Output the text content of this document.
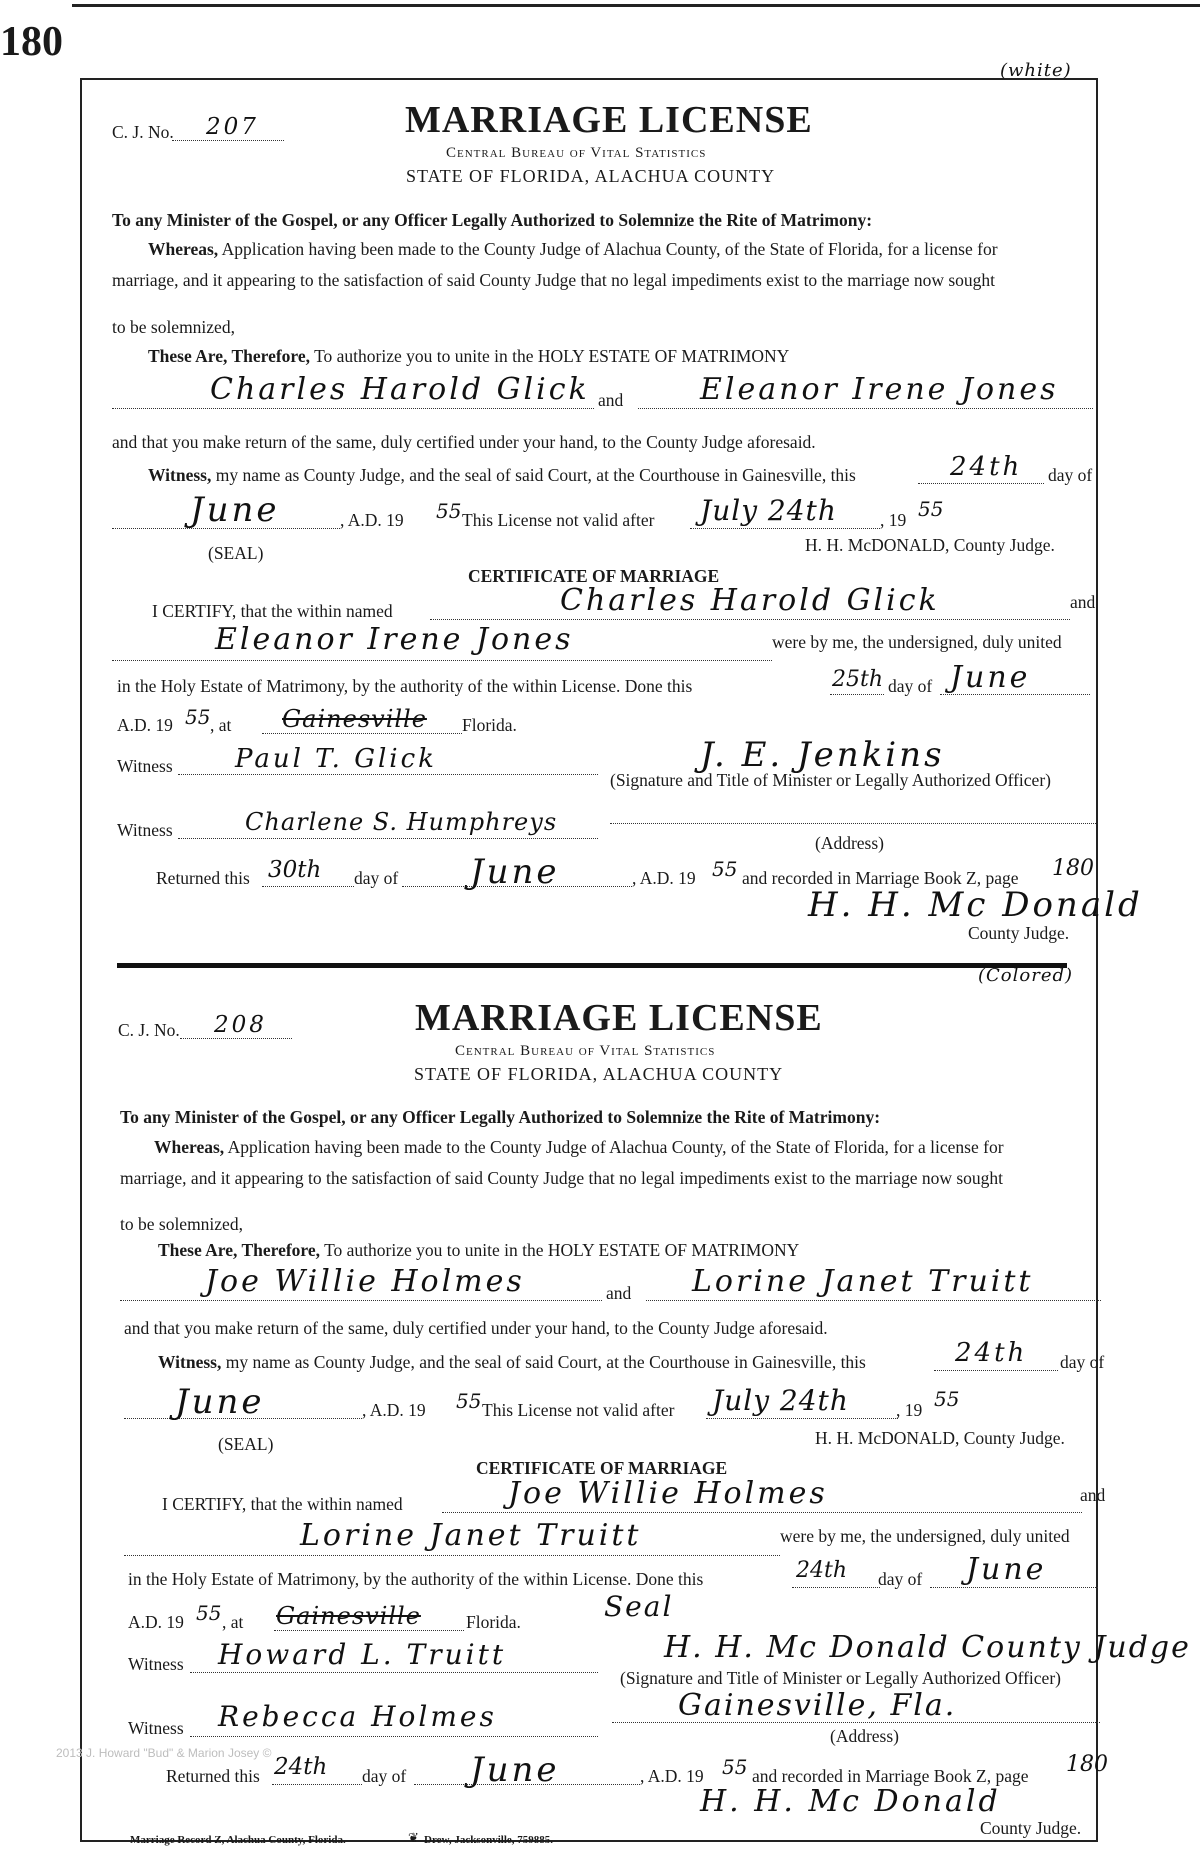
180
(white)
C. J. No. 207	MARRIAGE LICENSE
Central Bureau of Vital Statistics
STATE OF FLORIDA, ALACHUA COUNTY
To any Minister of the Gospel, or any Officer Legally Authorized to Solemnize the Rite of Matrimony:
Whereas, Application having been made to the County Judge of Alachua County, of the State of Florida, for a license for
marriage, and it appearing to the satisfaction of said County Judge that no legal impediments exist to the marriage now sought
to be solemnized,
These Are, Therefore, To authorize you to unite in the HOLY ESTATE OF MATRIMONY
Charles Harold Glick and	Eleanor Irene Jones
and that you make return of the same, duly certified under your hand, to the County Judge aforesaid.
Witness, my name as County Judge, and the seal of said Court, at the Courthouse in Gainesville, this	24th day of
June	, A.D. 19 55 This License not valid after July 24th , 19 55
(SEAL)	H. H. McDONALD, County Judge.
CERTIFICATE OF MARRIAGE
I CERTIFY, that the within named	Charles Harold Glick	and
Eleanor Irene Jones	were by me, the undersigned, duly united
in the Holy Estate of Matrimony, by the authority of the within License. Done this	25th day of June
A.D. 19 55 , at Gainesville Florida.
Witness Paul T. Glick	J. E. Jenkins
(Signature and Title of Minister or Legally Authorized Officer)
Witness	Charlene S. Humphreys
(Address)
Returned this 30th day of June	, A.D. 19 55 and recorded in Marriage Book Z, page 180
H. H. Mc Donald
County Judge.
(Colored)
C. J. No. 208	MARRIAGE LICENSE
Central Bureau of Vital Statistics
STATE OF FLORIDA, ALACHUA COUNTY
To any Minister of the Gospel, or any Officer Legally Authorized to Solemnize the Rite of Matrimony:
Whereas, Application having been made to the County Judge of Alachua County, of the State of Florida, for a license for
marriage, and it appearing to the satisfaction of said County Judge that no legal impediments exist to the marriage now sought
to be solemnized,
These Are, Therefore, To authorize you to unite in the HOLY ESTATE OF MATRIMONY
Joe Willie Holmes	and Lorine Janet Truitt
and that you make return of the same, duly certified under your hand, to the County Judge aforesaid.
Witness, my name as County Judge, and the seal of said Court, at the Courthouse in Gainesville, this	24th day of
June	, A.D. 19 55 This License not valid after July 24th	, 19 55
(SEAL)	H. H. McDONALD, County Judge.
CERTIFICATE OF MARRIAGE
I CERTIFY, that the within named	Joe Willie Holmes	and
Lorine Janet Truitt	were by me, the undersigned, duly united
in the Holy Estate of Matrimony, by the authority of the within License. Done this	24th day of June
A.D. 19 55 , at Gainesville	Florida.	Seal
Witness Howard L. Truitt	H. H. Mc Donald County Judge
(Signature and Title of Minister or Legally Authorized Officer)
Witness Rebecca Holmes	Gainesville, Fla.
(Address)
Returned this 24th day of June	, A.D. 19 55 and recorded in Marriage Book Z, page 180
H. H. Mc Donald
County Judge.
2013 J. Howard "Bud" & Marion Josey ©
Marriage Record Z, Alachua County, Florida.	❦ Drew, Jacksonville, 759885.
